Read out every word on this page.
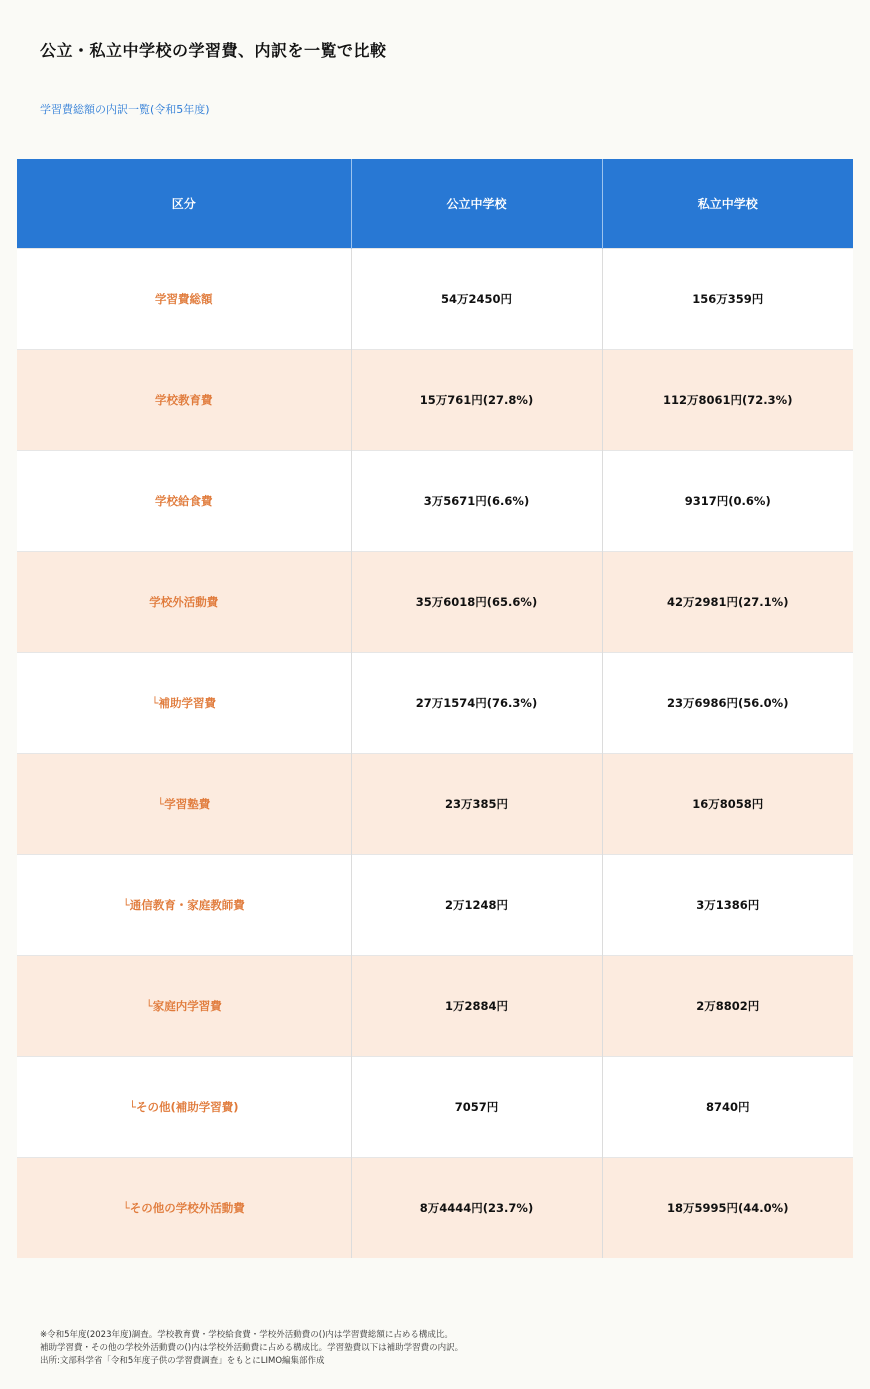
公立・私立中学校の学習費、内訳を一覧で比較
学習費総額の内訳一覧(令和5年度)
区分	公立中学校	私立中学校
学習費総額	54万2450円	156万359円
学校教育費	15万761円(27.8%)	112万8061円(72.3%)
学校給食費	3万5671円(6.6%)	9317円(0.6%)
学校外活動費	35万6018円(65.6%)	42万2981円(27.1%)
└補助学習費	27万1574円(76.3%)	23万6986円(56.0%)
└学習塾費	23万385円	16万8058円
└通信教育・家庭教師費	2万1248円	3万1386円
└家庭内学習費	1万2884円	2万8802円
└その他(補助学習費)	7057円	8740円
└その他の学校外活動費	8万4444円(23.7%)	18万5995円(44.0%)
※令和5年度(2023年度)調査。学校教育費・学校給食費・学校外活動費の()内は学習費総額に占める構成比。
補助学習費・その他の学校外活動費の()内は学校外活動費に占める構成比。学習塾費以下は補助学習費の内訳。
出所:文部科学省「令和5年度子供の学習費調査」をもとにLIMO編集部作成
